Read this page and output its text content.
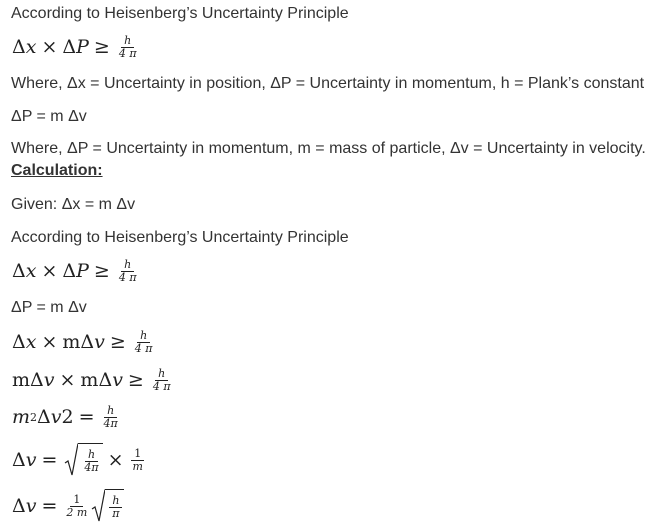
According to Heisenberg’s Uncertainty Principle
Δ x × Δ $P \ge \frac{h}{4 \pi}$
Where, Δx = Uncertainty in position, ΔP = Uncertainty in momentum, h = Plank’s constant
ΔP = m Δv
Where, ΔP = Uncertainty in momentum, m = mass of particle, Δv = Uncertainty in velocity.
Calculation:
Given: Δx = m Δv
According to Heisenberg’s Uncertainty Principle
Δ x × Δ $P \ge \frac{h}{4 \pi}$
ΔP = m Δv
Δ x × m Δ $v \ge \frac{h}{4 \pi}$
m Δ v × m Δ $v \ge \frac{h}{4 \pi}$
m 2 Δ v $2 = \frac{h}{4\pi}$
Δ $v = \frac{h}{4\pi} \times \frac{1}{m}$
Δ $v = \frac{1}{2 m} \frac{h}{\pi}$
